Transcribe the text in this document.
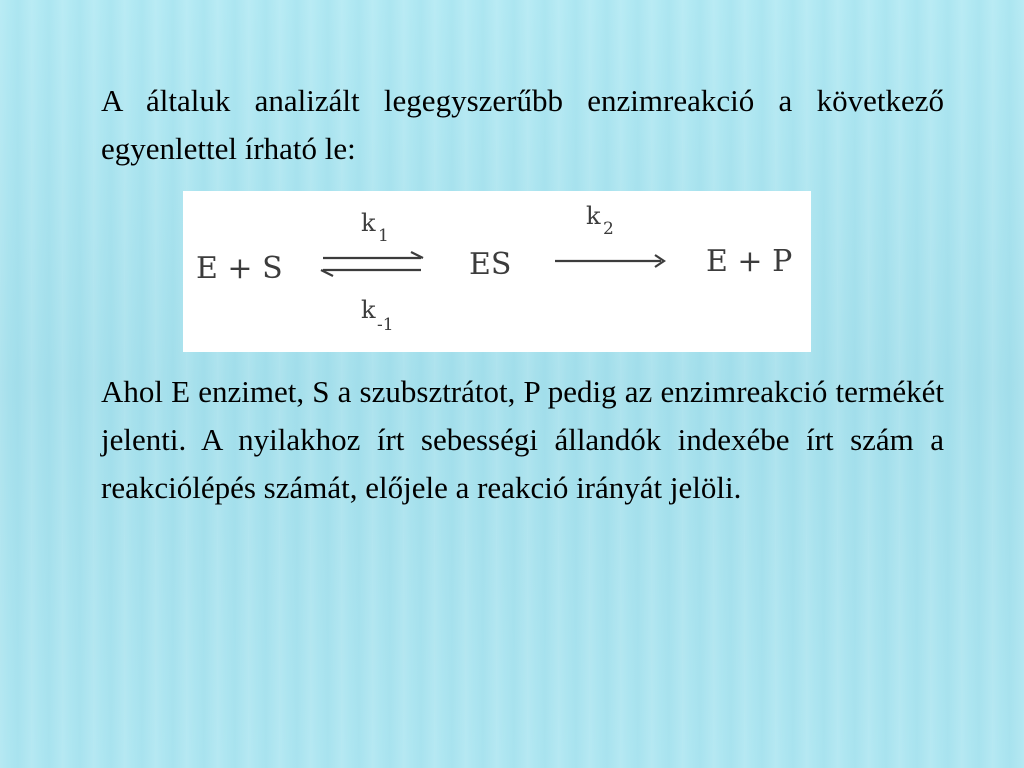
A általuk analizált legegyszerűbb enzimreakció a következő egyenlettel írható le:

E + S
k 1
k
-1
ES
k 2
E + P

Ahol E enzimet, S a szubsztrátot, P pedig az enzimreakció termékét jelenti. A nyilakhoz írt sebességi állandók indexébe írt szám a reakciólépés számát, előjele a reakció irányát jelöli.
